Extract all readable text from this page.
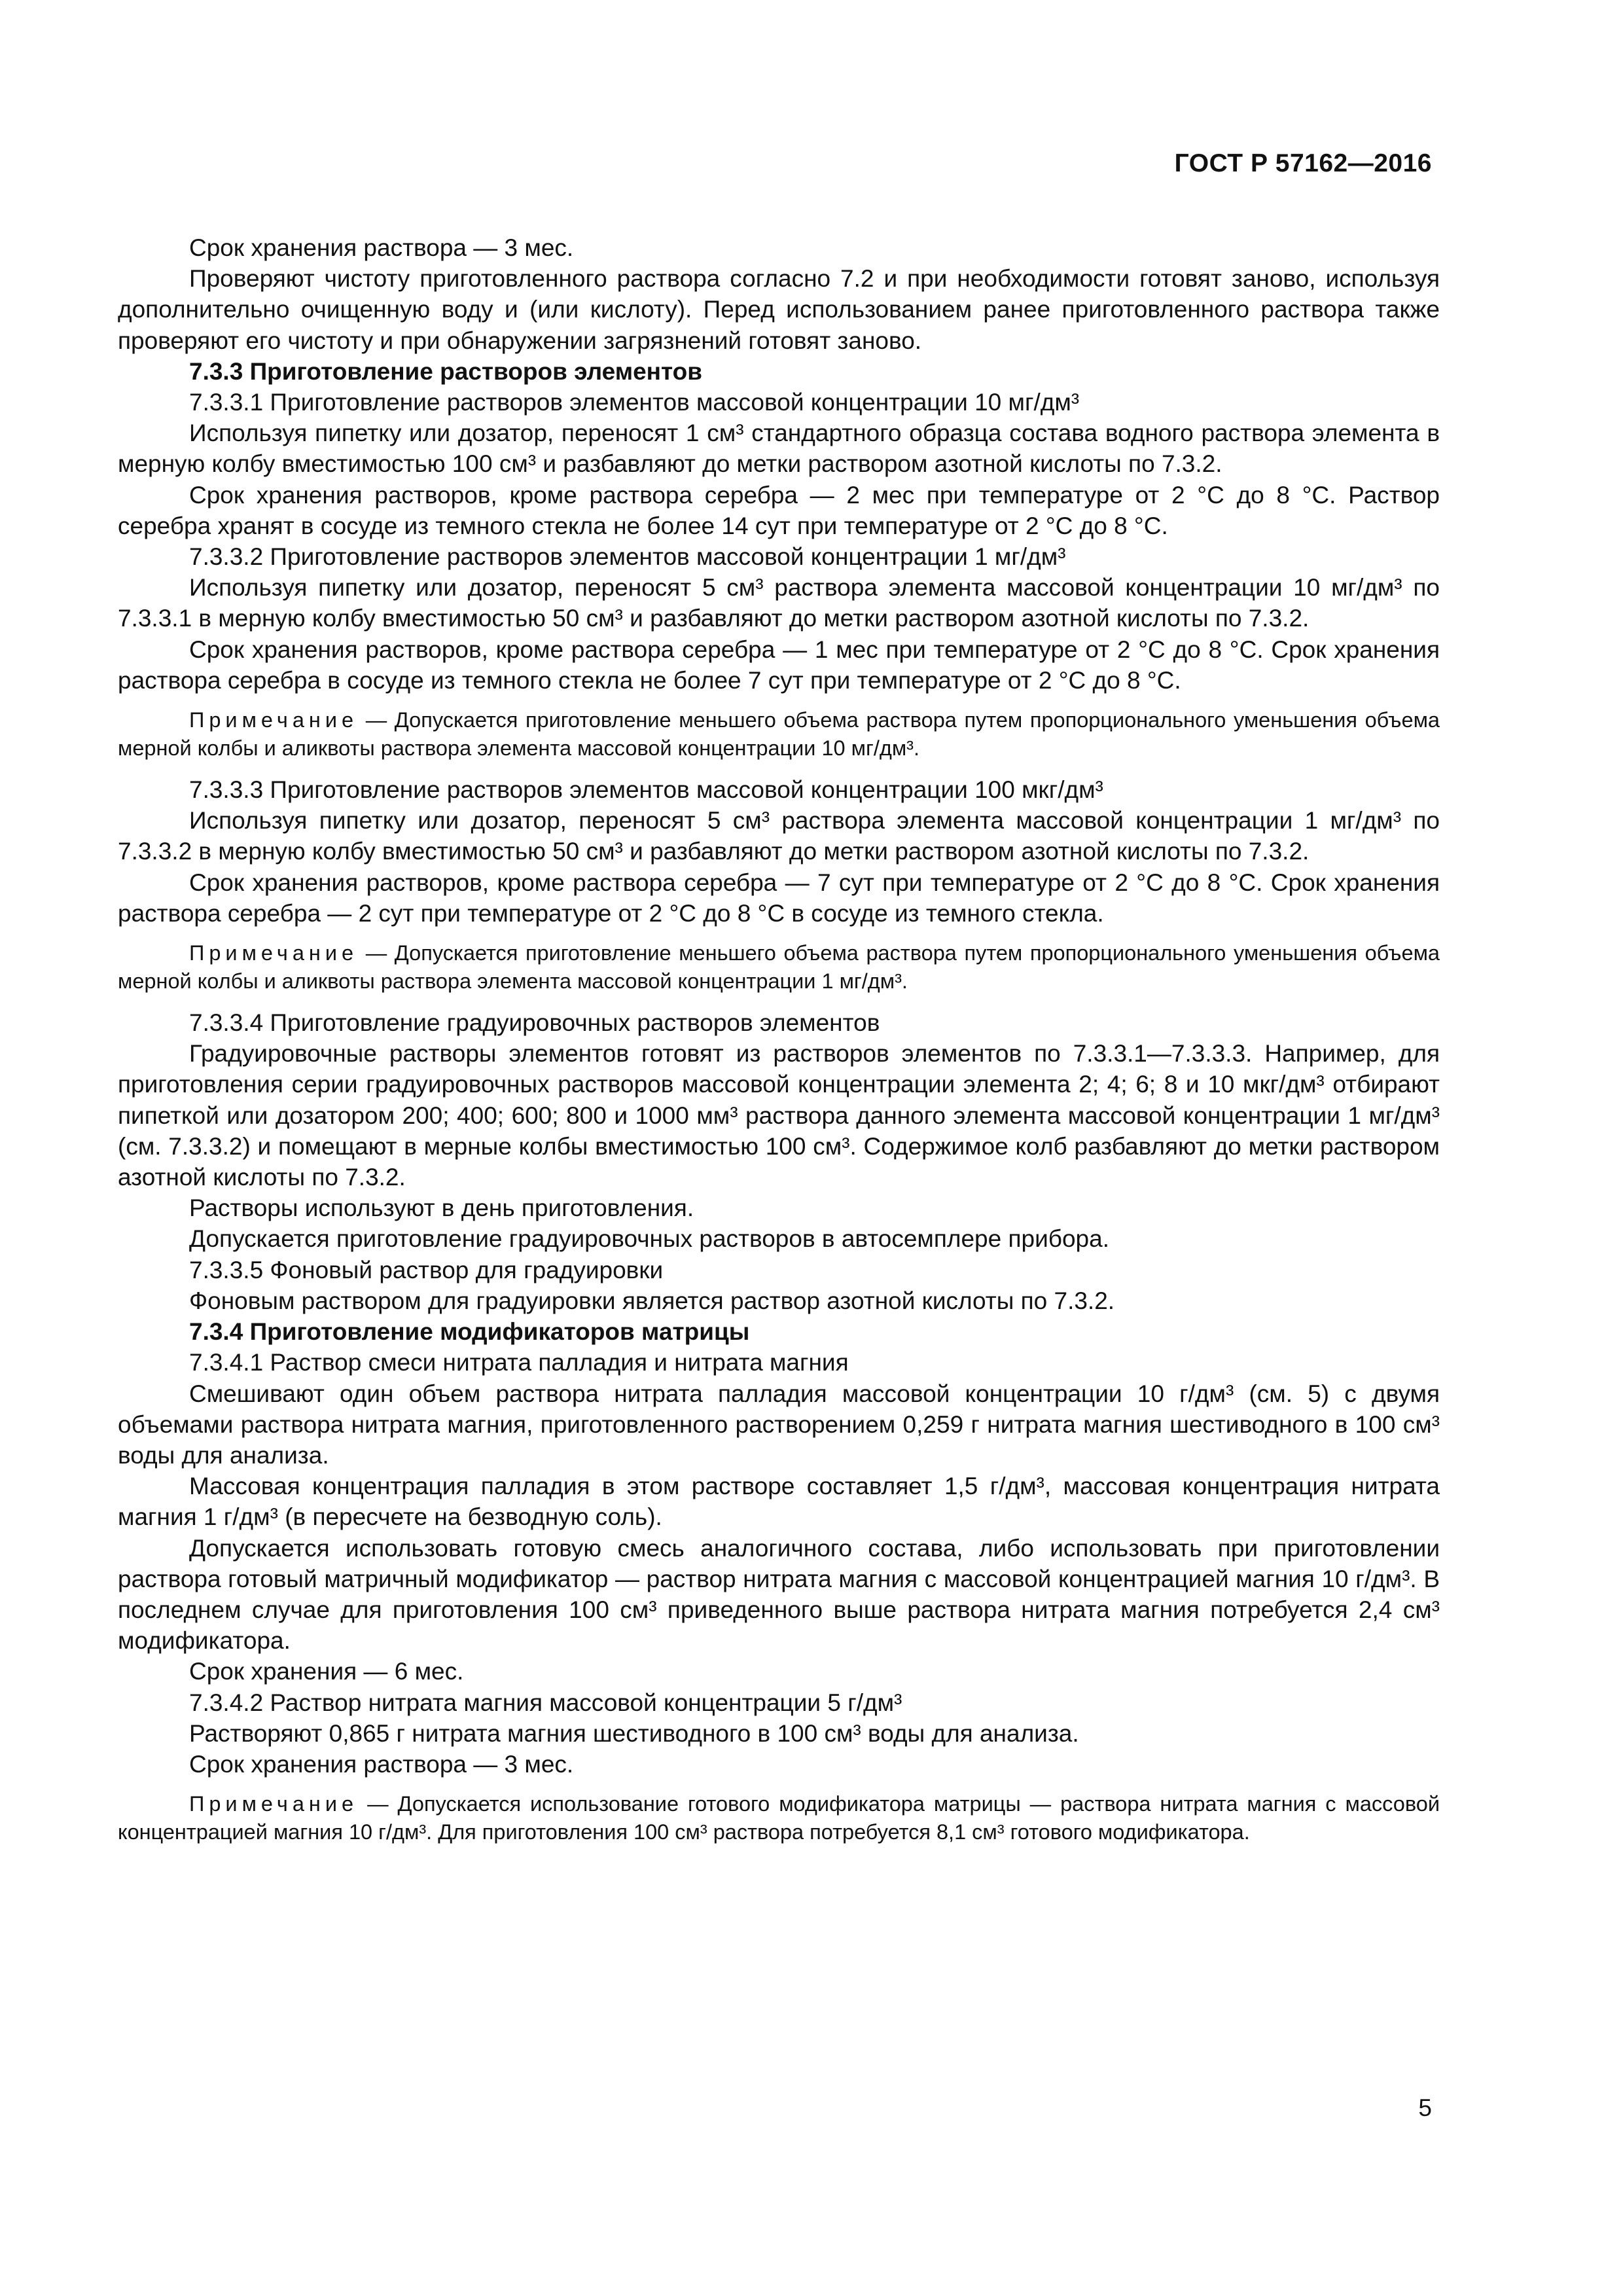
ГОСТ Р 57162—2016

Срок хранения раствора — 3 мес.

Проверяют чистоту приготовленного раствора согласно 7.2 и при необходимости готовят заново, используя дополнительно очищенную воду и (или кислоту). Перед использованием ранее приготовленного раствора также проверяют его чистоту и при обнаружении загрязнений готовят заново.

7.3.3 Приготовление растворов элементов

7.3.3.1 Приготовление растворов элементов массовой концентрации 10 мг/дм³

Используя пипетку или дозатор, переносят 1 см³ стандартного образца состава водного раствора элемента в мерную колбу вместимостью 100 см³ и разбавляют до метки раствором азотной кислоты по 7.3.2.

Срок хранения растворов, кроме раствора серебра — 2 мес при температуре от 2 °С до 8 °С. Раствор серебра хранят в сосуде из темного стекла не более 14 сут при температуре от 2 °С до 8 °С.

7.3.3.2 Приготовление растворов элементов массовой концентрации 1 мг/дм³

Используя пипетку или дозатор, переносят 5 см³ раствора элемента массовой концентрации 10 мг/дм³ по 7.3.3.1 в мерную колбу вместимостью 50 см³ и разбавляют до метки раствором азотной кислоты по 7.3.2.

Срок хранения растворов, кроме раствора серебра — 1 мес при температуре от 2 °С до 8 °С. Срок хранения раствора серебра в сосуде из темного стекла не более 7 сут при температуре от 2 °С до 8 °С.

Примечание — Допускается приготовление меньшего объема раствора путем пропорционального уменьшения объема мерной колбы и аликвоты раствора элемента массовой концентрации 10 мг/дм³.

7.3.3.3 Приготовление растворов элементов массовой концентрации 100 мкг/дм³

Используя пипетку или дозатор, переносят 5 см³ раствора элемента массовой концентрации 1 мг/дм³ по 7.3.3.2 в мерную колбу вместимостью 50 см³ и разбавляют до метки раствором азотной кислоты по 7.3.2.

Срок хранения растворов, кроме раствора серебра — 7 сут при температуре от 2 °С до 8 °С. Срок хранения раствора серебра — 2 сут при температуре от 2 °С до 8 °С в сосуде из темного стекла.

Примечание — Допускается приготовление меньшего объема раствора путем пропорционального уменьшения объема мерной колбы и аликвоты раствора элемента массовой концентрации 1 мг/дм³.

7.3.3.4 Приготовление градуировочных растворов элементов

Градуировочные растворы элементов готовят из растворов элементов по 7.3.3.1—7.3.3.3. Например, для приготовления серии градуировочных растворов массовой концентрации элемента 2; 4; 6; 8 и 10 мкг/дм³ отбирают пипеткой или дозатором 200; 400; 600; 800 и 1000 мм³ раствора данного элемента массовой концентрации 1 мг/дм³ (см. 7.3.3.2) и помещают в мерные колбы вместимостью 100 см³. Содержимое колб разбавляют до метки раствором азотной кислоты по 7.3.2.

Растворы используют в день приготовления.

Допускается приготовление градуировочных растворов в автосемплере прибора.

7.3.3.5 Фоновый раствор для градуировки

Фоновым раствором для градуировки является раствор азотной кислоты по 7.3.2.

7.3.4 Приготовление модификаторов матрицы

7.3.4.1 Раствор смеси нитрата палладия и нитрата магния

Смешивают один объем раствора нитрата палладия массовой концентрации 10 г/дм³ (см. 5) с двумя объемами раствора нитрата магния, приготовленного растворением 0,259 г нитрата магния шестиводного в 100 см³ воды для анализа.

Массовая концентрация палладия в этом растворе составляет 1,5 г/дм³, массовая концентрация нитрата магния 1 г/дм³ (в пересчете на безводную соль).

Допускается использовать готовую смесь аналогичного состава, либо использовать при приготовлении раствора готовый матричный модификатор — раствор нитрата магния с массовой концентрацией магния 10 г/дм³. В последнем случае для приготовления 100 см³ приведенного выше раствора нитрата магния потребуется 2,4 см³ модификатора.

Срок хранения — 6 мес.

7.3.4.2 Раствор нитрата магния массовой концентрации 5 г/дм³

Растворяют 0,865 г нитрата магния шестиводного в 100 см³ воды для анализа.

Срок хранения раствора — 3 мес.

Примечание — Допускается использование готового модификатора матрицы — раствора нитрата магния с массовой концентрацией магния 10 г/дм³. Для приготовления 100 см³ раствора потребуется 8,1 см³ готового модификатора.

5
